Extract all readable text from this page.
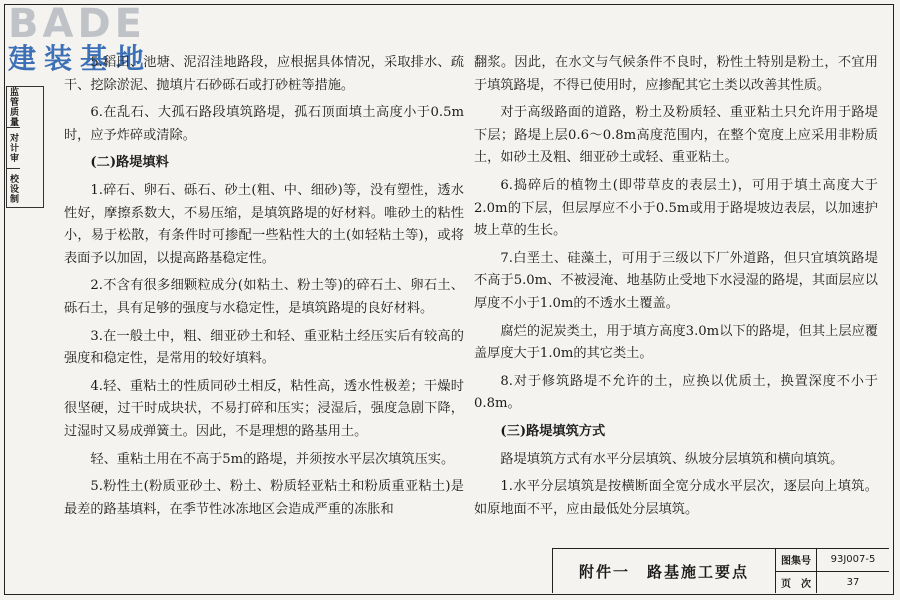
BADE
建装基地
监管质量
对计审
校设制

5.稻田、池塘、泥沼洼地路段，应根据具体情况，采取排水、疏干、挖除淤泥、抛填片石砂砾石或打砂桩等措施。

6.在乱石、大孤石路段填筑路堤，孤石顶面填土高度小于0.5m时，应予炸碎或清除。

(二)路堤填料

1.碎石、卵石、砾石、砂土(粗、中、细砂)等，没有塑性，透水性好，摩擦系数大，不易压缩，是填筑路堤的好材料。唯砂土的粘性小，易于松散，有条件时可掺配一些粘性大的土(如轻粘土等)，或将表面予以加固，以提高路基稳定性。

2.不含有很多细颗粒成分(如粘土、粉土等)的碎石土、卵石土、砾石土，具有足够的强度与水稳定性，是填筑路堤的良好材料。

3.在一般土中，粗、细亚砂土和轻、重亚粘土经压实后有较高的强度和稳定性，是常用的较好填料。

4.轻、重粘土的性质同砂土相反，粘性高，透水性极差；干燥时很坚硬，过干时成块状，不易打碎和压实；浸湿后，强度急剧下降，过湿时又易成弹簧土。因此，不是理想的路基用土。

轻、重粘土用在不高于5m的路堤，并须按水平层次填筑压实。

5.粉性土(粉质亚砂土、粉土、粉质轻亚粘土和粉质重亚粘土)是最差的路基填料，在季节性冰冻地区会造成严重的冻胀和

翻浆。因此，在水文与气候条件不良时，粉性土特别是粉土，不宜用于填筑路堤，不得已使用时，应掺配其它土类以改善其性质。

对于高级路面的道路，粉土及粉质轻、重亚粘土只允许用于路堤下层；路堤上层0.6～0.8m高度范围内，在整个宽度上应采用非粉质土，如砂土及粗、细亚砂土或轻、重亚粘土。

6.捣碎后的植物土(即带草皮的表层土)，可用于填土高度大于2.0m的下层，但层厚应不小于0.5m或用于路堤坡边表层，以加速护坡上草的生长。

7.白垩土、硅藻土，可用于三级以下厂外道路，但只宜填筑路堤不高于5.0m、不被浸淹、地基防止受地下水浸湿的路堤，其面层应以厚度不小于1.0m的不透水土覆盖。

腐烂的泥炭类土，用于填方高度3.0m以下的路堤，但其上层应覆盖厚度大于1.0m的其它类土。

8.对于修筑路堤不允许的土，应换以优质土，换置深度不小于0.8m。

(三)路堤填筑方式

路堤填筑方式有水平分层填筑、纵坡分层填筑和横向填筑。

1.水平分层填筑是按横断面全宽分成水平层次，逐层向上填筑。如原地面不平，应由最低处分层填筑。

附件一　路基施工要点
图集号	93J007-5
页　次	37
